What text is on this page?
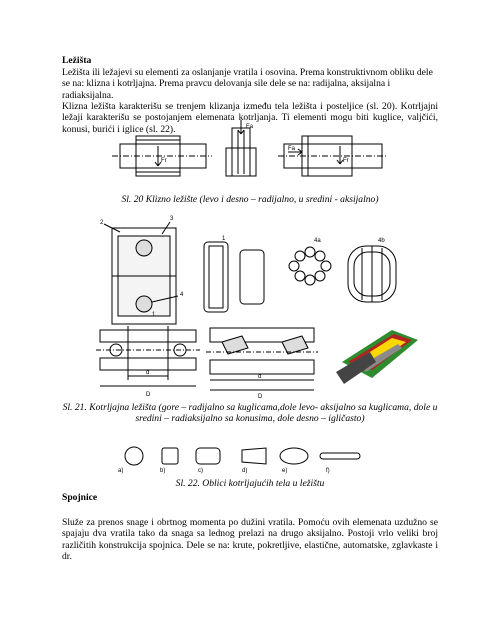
Ležišta
Ležišta ili ležajevi su elementi za oslanjanje vratila i osovina. Prema konstruktivnom obliku dele se na: klizna i kotrljajna. Prema pravcu delovanja sile dele se na: radijalna, aksijalna i radiaksijalna.
Klizna ležišta karakterišu se trenjem klizanja između tela ležišta i posteljice (sl. 20). Kotrljajni ležaji karakterišu se postojanjem elemenata kotrljanja. Ti elementi mogu biti kuglice, valjčići, konusi, burići i iglice (sl. 22).
Fr
Fa
Fa
Fr
Sl. 20 Klizno ležište (levo i desno – radijalno, u sredini - aksijalno)
2
3
1
4
1
4a	4b
d
D
d
D
Sl. 21. Kotrljajna ležišta (gore – radijalno sa kuglicama,dole levo- aksijalno sa kuglicama, dole u sredini – radiaksijalno sa konusima, dole desno – igličasto)
a)	b)	c)	d)	e)	f)
Sl. 22. Oblici kotrljajućih tela u ležištu
Spojnice
Služe za prenos snage i obrtnog momenta po dužini vratila. Pomoću ovih elemenata uzdužno se spajaju dva vratila tako da snaga sa lednog prelazi na drugo aksijalno. Postoji vrlo veliki broj različitih konstrukcija spojnica. Dele se na: krute, pokretljive, elastične, automatske, zglavkaste i dr.
